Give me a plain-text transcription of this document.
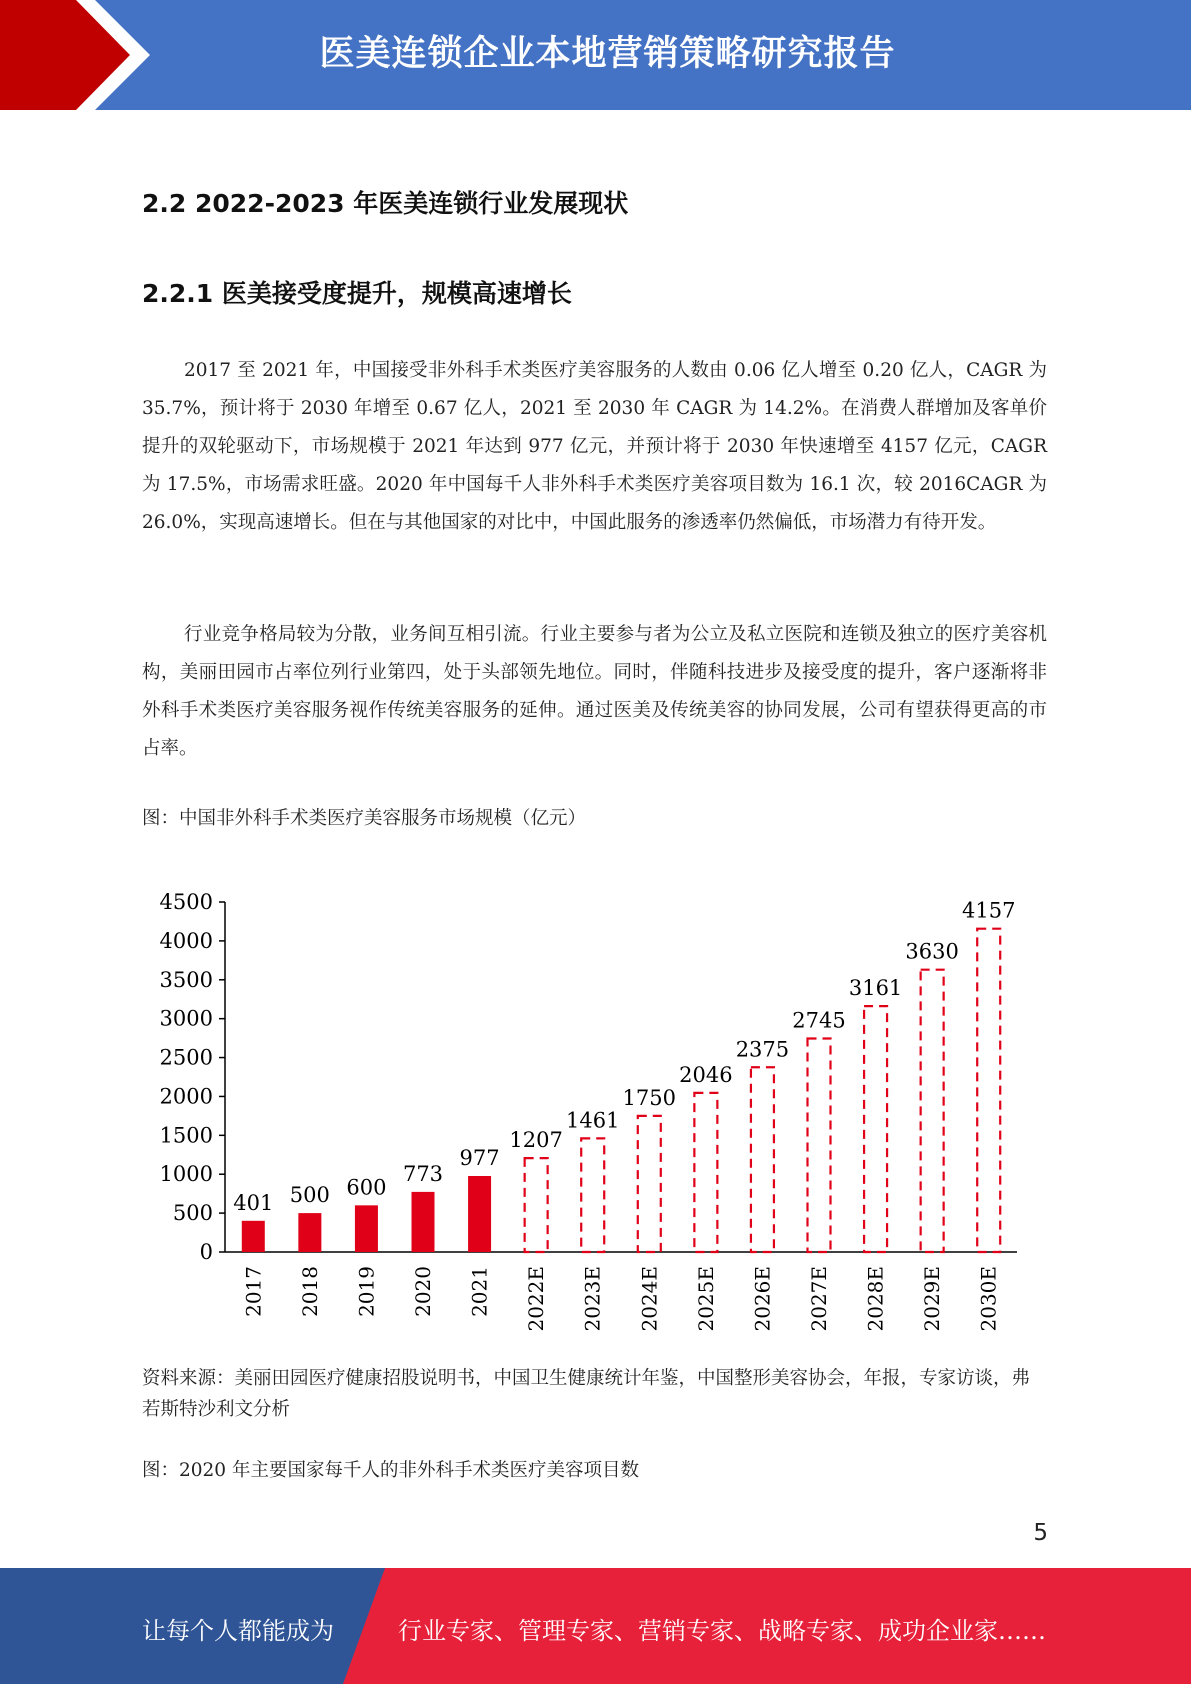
医美连锁企业本地营销策略研究报告
2.2 2022-2023 年医美连锁行业发展现状
2.2.1 医美接受度提升，规模高速增长
2017 至 2021 年，中国接受非外科手术类医疗美容服务的人数由 0.06 亿人增至 0.20 亿人，CAGR 为 35.7%，预计将于 2030 年增至 0.67 亿人，2021 至 2030 年 CAGR 为 14.2%。在消费人群增加及客单价提升的双轮驱动下，市场规模于 2021 年达到 977 亿元，并预计将于 2030 年快速增至 4157 亿元，CAGR 为 17.5%，市场需求旺盛。2020 年中国每千人非外科手术类医疗美容项目数为 16.1 次，较 2016CAGR 为 26.0%，实现高速增长。但在与其他国家的对比中，中国此服务的渗透率仍然偏低，市场潜力有待开发。
行业竞争格局较为分散，业务间互相引流。行业主要参与者为公立及私立医院和连锁及独立的医疗美容机构，美丽田园市占率位列行业第四，处于头部领先地位。同时，伴随科技进步及接受度的提升，客户逐渐将非外科手术类医疗美容服务视作传统美容服务的延伸。通过医美及传统美容的协同发展，公司有望获得更高的市占率。
图：中国非外科手术类医疗美容服务市场规模（亿元）
0
500
1000
1500
2000
2500
3000
3500
4000
4500
401
2017
500
2018
600
2019
773
2020
977
2021
1207
2022E
1461
2023E
1750
2024E
2046
2025E
2375
2026E
2745
2027E
3161
2028E
3630
2029E
4157
2030E
资料来源：美丽田园医疗健康招股说明书，中国卫生健康统计年鉴，中国整形美容协会，年报，专家访谈，弗若斯特沙利文分析
图：2020 年主要国家每千人的非外科手术类医疗美容项目数
5
让每个人都能成为	行业专家、管理专家、营销专家、战略专家、成功企业家……
